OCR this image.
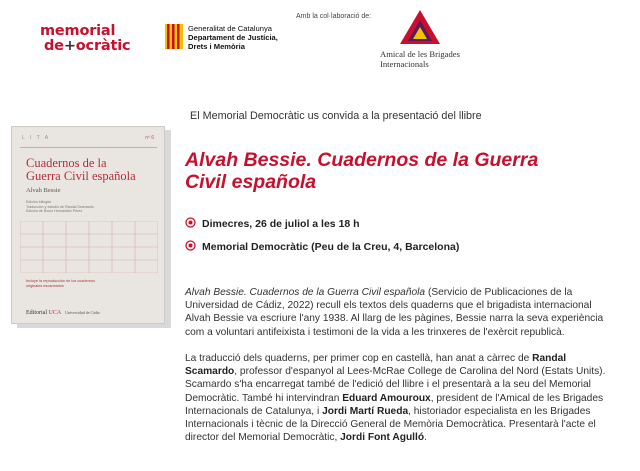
memorial
de+ocràtic
Generalitat de Catalunya
Departament de Justícia,
Drets i Memòria
Amb la col·laboració de:
Amical de les Brigades
Internacionals
El Memorial Democràtic us convida a la presentació del llibre
L I T A	nº 6
Cuadernos de la
Guerra Civil española
Alvah Bessie
Edición bilingüe
Traducción y estudio de Randal Scamardo
Edición de Rocío Hernández Pérez
Incluye la reproducción de los cuadernos
originales escaneados
Editorial UCA Universidad de Cádiz
Alvah Bessie. Cuadernos de la Guerra
Civil española
Dimecres, 26 de juliol a les 18 h
Memorial Democràtic (Peu de la Creu, 4, Barcelona)
Alvah Bessie. Cuadernos de la Guerra Civil española (Servicio de Publicaciones de la
Universidad de Cádiz, 2022) recull els textos dels quaderns que el brigadista internacional
Alvah Bessie va escriure l'any 1938. Al llarg de les pàgines, Bessie narra la seva experiència
com a voluntari antifeixista i testimoni de la vida a les trinxeres de l'exèrcit republicà.
La traducció dels quaderns, per primer cop en castellà, han anat a càrrec de Randal
Scamardo, professor d'espanyol al Lees-McRae College de Carolina del Nord (Estats Units).
Scamardo s'ha encarregat també de l'edició del llibre i el presentarà a la seu del Memorial
Democràtic. També hi intervindran Eduard Amouroux, president de l'Amical de les Brigades
Internacionals de Catalunya, i Jordi Martí Rueda, historiador especialista en les Brigades
Internacionals i tècnic de la Direcció General de Memòria Democràtica. Presentarà l'acte el
director del Memorial Democràtic, Jordi Font Agulló.
